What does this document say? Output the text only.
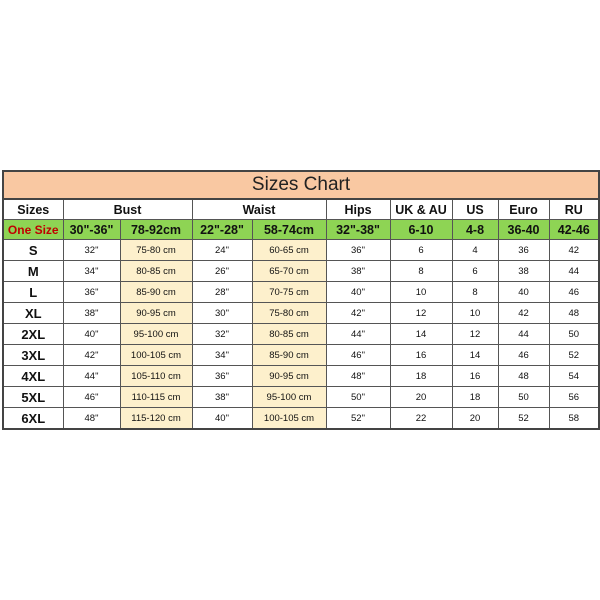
Sizes Chart									
Sizes	Bust		Waist		Hips	UK & AU	US	Euro	RU
One Size	30"-36"	78-92cm	22"-28"	58-74cm	32"-38"	6-10	4-8	36-40	42-46
S	32"	75-80 cm	24"	60-65 cm	36"	6	4	36	42
M	34"	80-85 cm	26"	65-70 cm	38"	8	6	38	44
L	36"	85-90 cm	28"	70-75 cm	40"	10	8	40	46
XL	38"	90-95 cm	30"	75-80 cm	42"	12	10	42	48
2XL	40"	95-100 cm	32"	80-85 cm	44"	14	12	44	50
3XL	42"	100-105 cm	34"	85-90 cm	46"	16	14	46	52
4XL	44"	105-110 cm	36"	90-95 cm	48"	18	16	48	54
5XL	46"	110-115 cm	38"	95-100 cm	50"	20	18	50	56
6XL	48"	115-120 cm	40"	100-105 cm	52"	22	20	52	58
